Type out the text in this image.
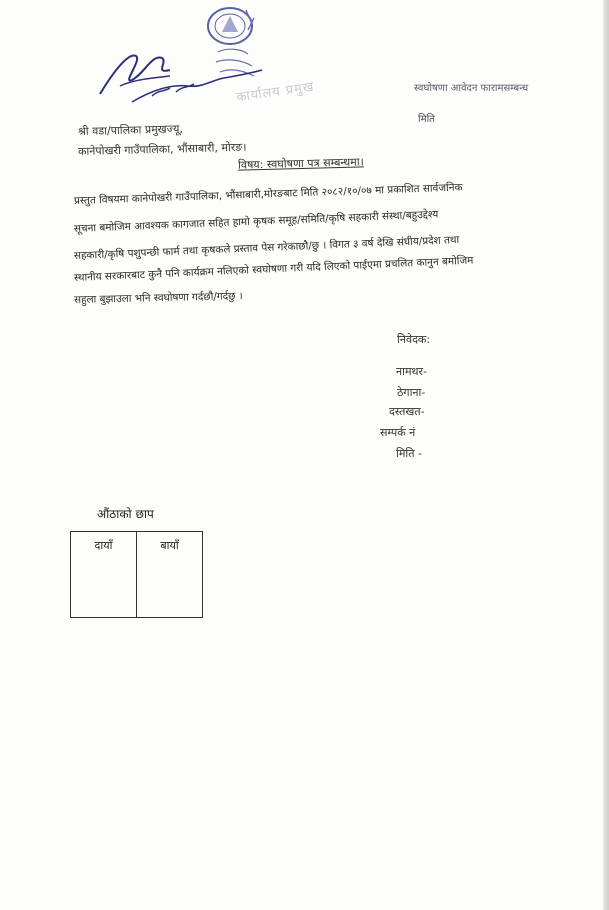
कार्यालय प्रमुख	स्वघोषणा आवेदन फारामसम्बन्ध
मिति
श्री वडा/पालिका प्रमुखज्यू,
कानेपोखरी गाउँपालिका, भौंसाबारी, मोरङ।
विषय: स्वघोषणा पत्र सम्बन्धमा।
प्रस्तुत विषयमा कानेपोखरी गाउँपालिका, भौंसाबारी,मोरङबाट मिति २०८२/१०/०७ मा प्रकाशित सार्वजनिक
सूचना बमोजिम आवश्यक कागजात सहित हामो कृषक समूह/समिति/कृषि सहकारी संस्था/बहुउद्देश्य
सहकारी/कृषि पशुपन्छी फार्म तथा कृषकले प्रस्ताव पेस गरेकाछौ/छु । विगत ३ वर्ष देखि संघीय/प्रदेश तथा
स्थानीय सरकारबाट कुनै पनि कार्यक्रम नलिएको स्वघोषणा गरी यदि लिएको पाईएमा प्रचलित कानुन बमोजिम
सहुला बुझाउला भनि स्वघोषणा गर्दछौ/गर्दछु ।
निवेदक:
नामथर-
ठेगाना-
दस्तखत-
सम्पर्क नं
मिति -
औंठाको छाप
दायाँ	बायाँ
